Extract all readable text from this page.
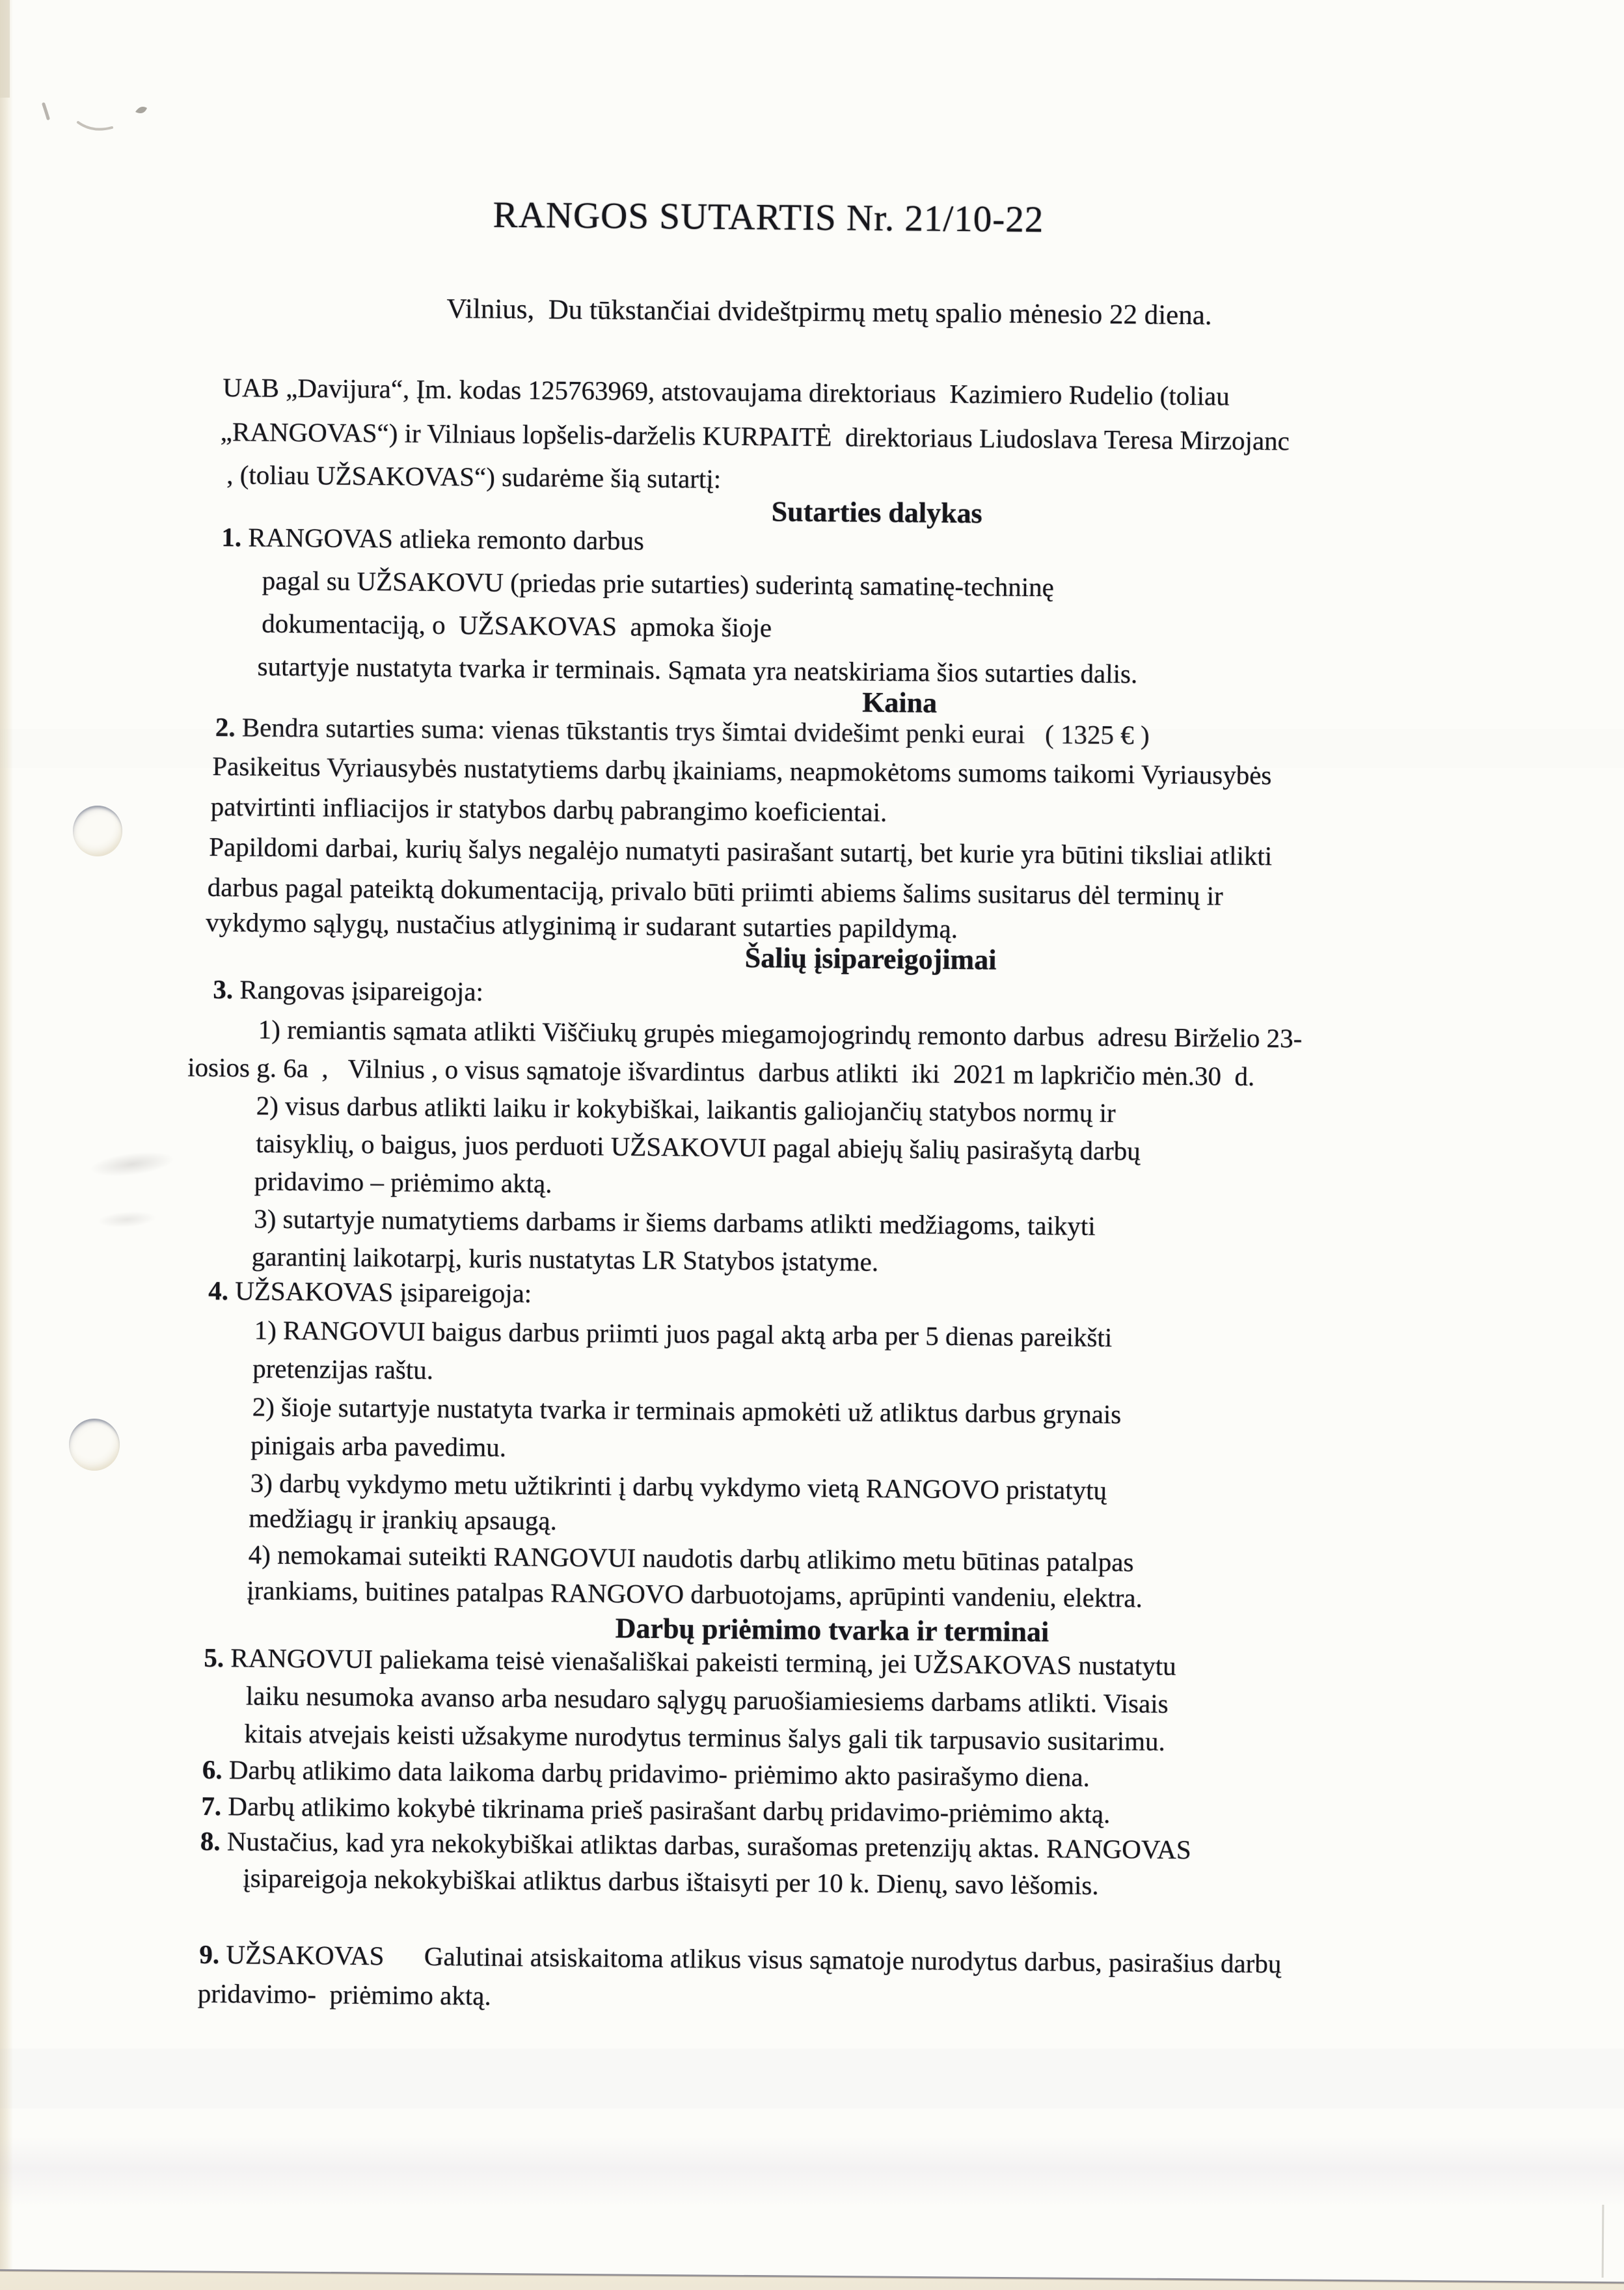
RANGOS SUTARTIS Nr. 21/10-22
Vilnius,  Du tūkstančiai dvideštpirmų metų spalio mėnesio 22 diena.
UAB „Davijura“, Įm. kodas 125763969, atstovaujama direktoriaus  Kazimiero Rudelio (toliau
„RANGOVAS“) ir Vilniaus lopšelis-darželis KURPAITĖ  direktoriaus Liudoslava Teresa Mirzojanc
, (toliau UŽSAKOVAS“) sudarėme šią sutartį:
Sutarties dalykas
1. RANGOVAS atlieka remonto darbus
pagal su UŽSAKOVU (priedas prie sutarties) suderintą samatinę-techninę
dokumentaciją, o  UŽSAKOVAS  apmoka šioje
sutartyje nustatyta tvarka ir terminais. Sąmata yra neatskiriama šios sutarties dalis.
Kaina
2. Bendra sutarties suma: vienas tūkstantis trys šimtai dvidešimt penki eurai   ( 1325 € )
Pasikeitus Vyriausybės nustatytiems darbų įkainiams, neapmokėtoms sumoms taikomi Vyriausybės
patvirtinti infliacijos ir statybos darbų pabrangimo koeficientai.
Papildomi darbai, kurių šalys negalėjo numatyti pasirašant sutartį, bet kurie yra būtini tiksliai atlikti
darbus pagal pateiktą dokumentaciją, privalo būti priimti abiems šalims susitarus dėl terminų ir
vykdymo sąlygų, nustačius atlyginimą ir sudarant sutarties papildymą.
Šalių įsipareigojimai
3. Rangovas įsipareigoja:
1) remiantis sąmata atlikti Viščiukų grupės miegamojogrindų remonto darbus  adresu Birželio 23-
iosios g. 6a  ,   Vilnius , o visus sąmatoje išvardintus  darbus atlikti  iki  2021 m lapkričio mėn.30  d.
2) visus darbus atlikti laiku ir kokybiškai, laikantis galiojančių statybos normų ir
taisyklių, o baigus, juos perduoti UŽSAKOVUI pagal abiejų šalių pasirašytą darbų
pridavimo – priėmimo aktą.
3) sutartyje numatytiems darbams ir šiems darbams atlikti medžiagoms, taikyti
garantinį laikotarpį, kuris nustatytas LR Statybos įstatyme.
4. UŽSAKOVAS įsipareigoja:
1) RANGOVUI baigus darbus priimti juos pagal aktą arba per 5 dienas pareikšti
pretenzijas raštu.
2) šioje sutartyje nustatyta tvarka ir terminais apmokėti už atliktus darbus grynais
pinigais arba pavedimu.
3) darbų vykdymo metu užtikrinti į darbų vykdymo vietą RANGOVO pristatytų
medžiagų ir įrankių apsaugą.
4) nemokamai suteikti RANGOVUI naudotis darbų atlikimo metu būtinas patalpas
įrankiams, buitines patalpas RANGOVO darbuotojams, aprūpinti vandeniu, elektra.
Darbų priėmimo tvarka ir terminai
5. RANGOVUI paliekama teisė vienašališkai pakeisti terminą, jei UŽSAKOVAS nustatytu
laiku nesumoka avanso arba nesudaro sąlygų paruošiamiesiems darbams atlikti. Visais
kitais atvejais keisti užsakyme nurodytus terminus šalys gali tik tarpusavio susitarimu.
6. Darbų atlikimo data laikoma darbų pridavimo- priėmimo akto pasirašymo diena.
7. Darbų atlikimo kokybė tikrinama prieš pasirašant darbų pridavimo-priėmimo aktą.
8. Nustačius, kad yra nekokybiškai atliktas darbas, surašomas pretenzijų aktas. RANGOVAS
įsipareigoja nekokybiškai atliktus darbus ištaisyti per 10 k. Dienų, savo lėšomis.
9. UŽSAKOVAS      Galutinai atsiskaitoma atlikus visus sąmatoje nurodytus darbus, pasirašius darbų
pridavimo-  priėmimo aktą.
